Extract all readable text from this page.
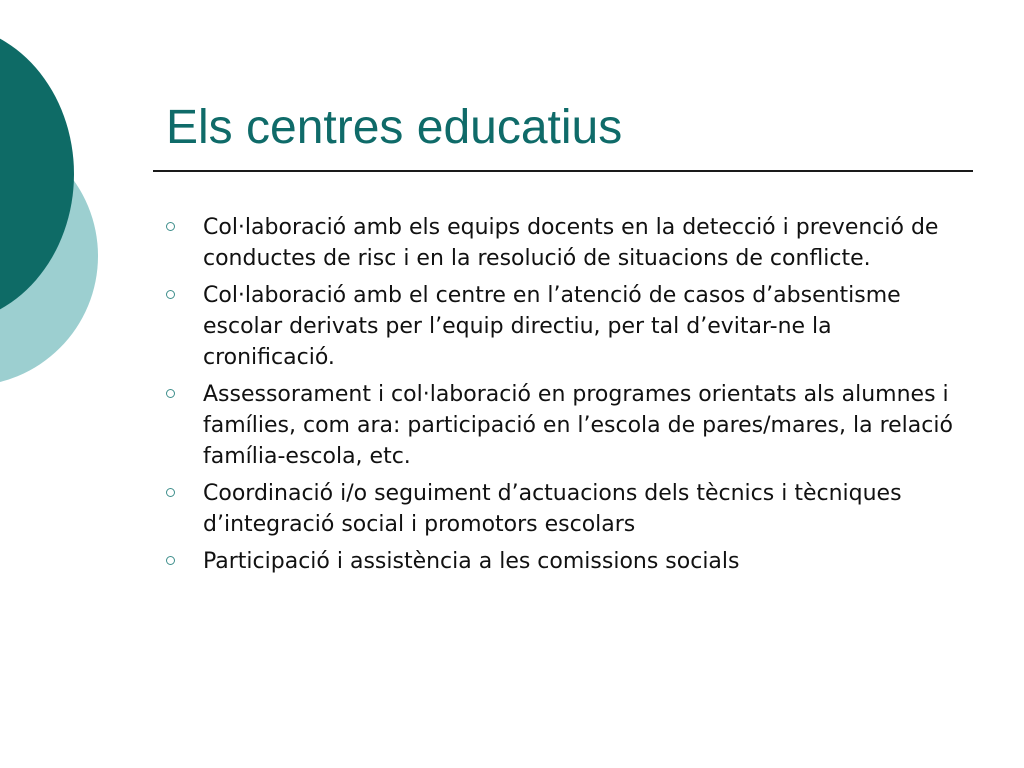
Els centres educatius
Col·laboració amb els equips docents en la detecció i prevenció de conductes de risc i en la resolució de situacions de conflicte.
Col·laboració amb el centre en l’atenció de casos d’absentisme escolar derivats per l’equip directiu, per tal d’evitar-ne la cronificació.
Assessorament i col·laboració en programes orientats als alumnes i famílies, com ara: participació en l’escola de pares/mares, la relació família-escola, etc.
Coordinació i/o seguiment d’actuacions dels tècnics i tècniques d’integració social i promotors escolars
Participació i assistència a les comissions socials
